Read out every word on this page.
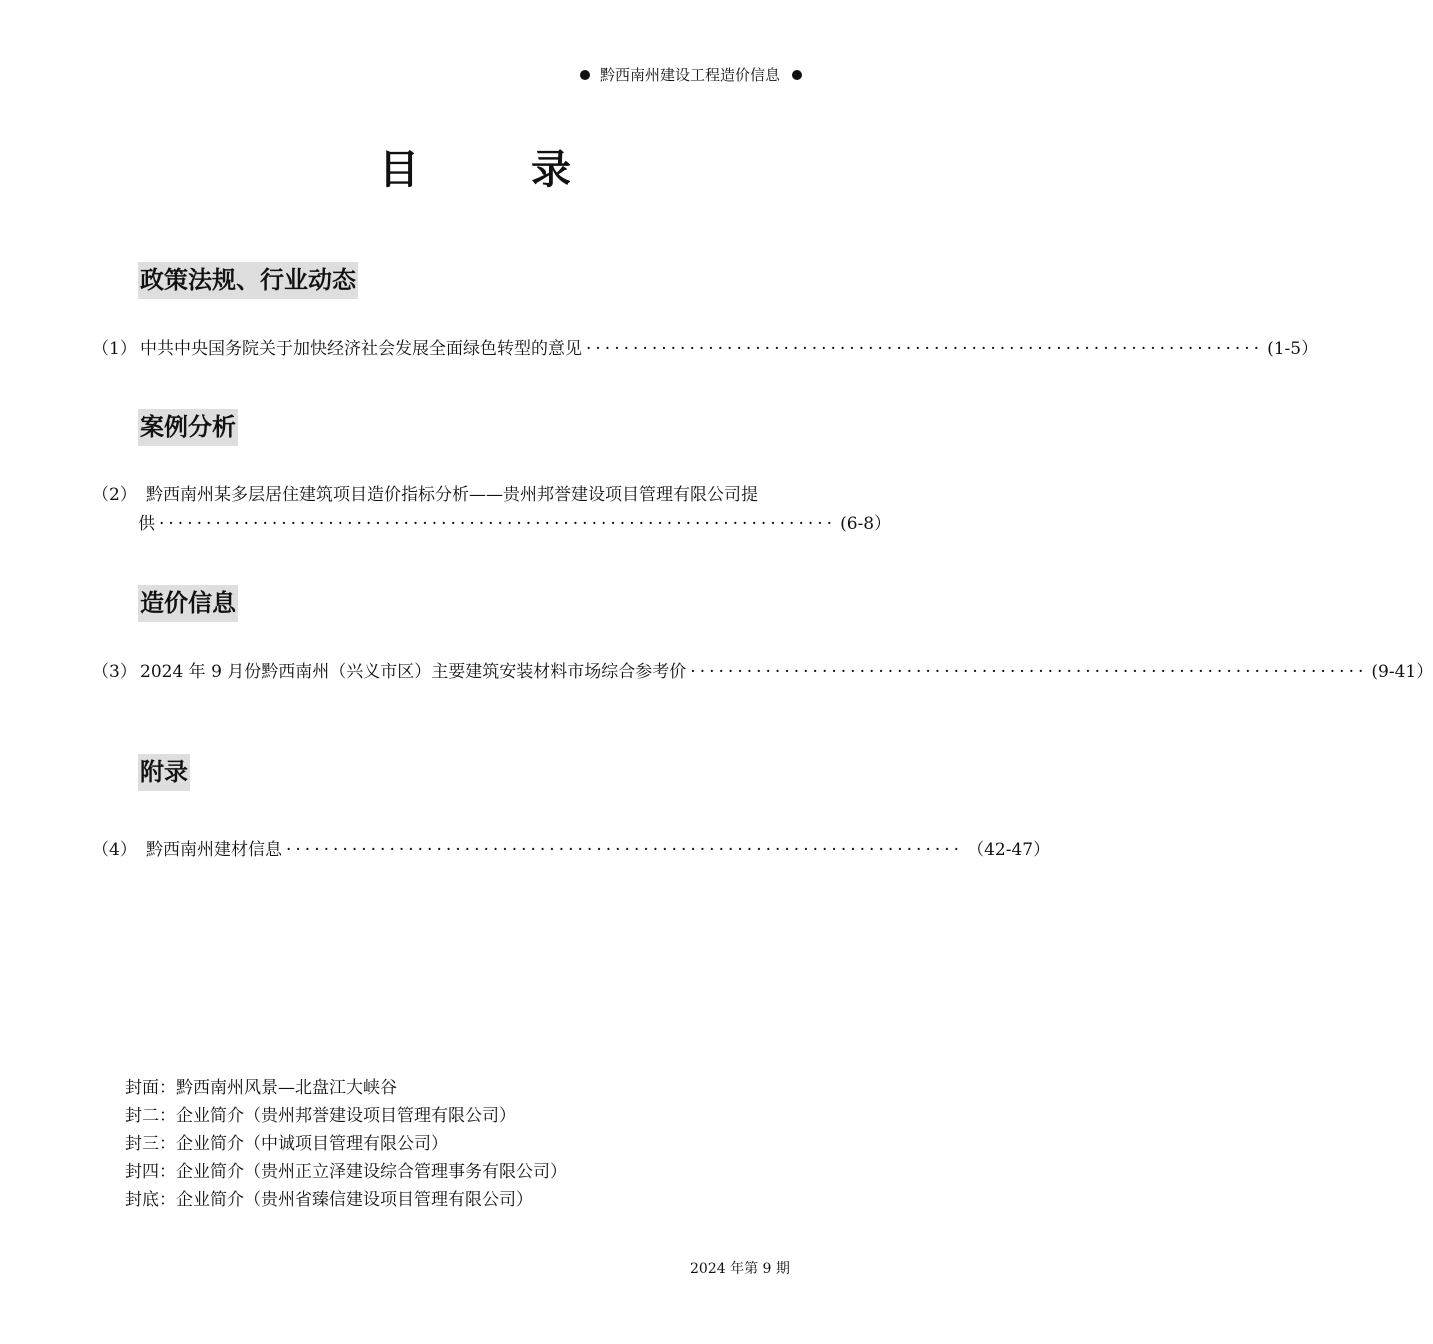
黔西南州建设工程造价信息
目　录
政策法规、行业动态
（1） 中共中央国务院关于加快经济社会发展全面绿色转型的意见 ········································································ (1-5）
案例分析
（2） 黔西南州某多层居住建筑项目造价指标分析——贵州邦誉建设项目管理有限公司提
供 ········································································ (6-8）
造价信息
（3） 2024 年 9 月份黔西南州（兴义市区）主要建筑安装材料市场综合参考价 ········································································ (9-41）
附录
（4） 黔西南州建材信息 ········································································ （42-47）
封面：黔西南州风景—北盘江大峡谷
封二：企业简介（贵州邦誉建设项目管理有限公司）
封三：企业简介（中诚项目管理有限公司）
封四：企业简介（贵州正立泽建设综合管理事务有限公司）
封底：企业简介（贵州省臻信建设项目管理有限公司）
2024 年第 9 期
